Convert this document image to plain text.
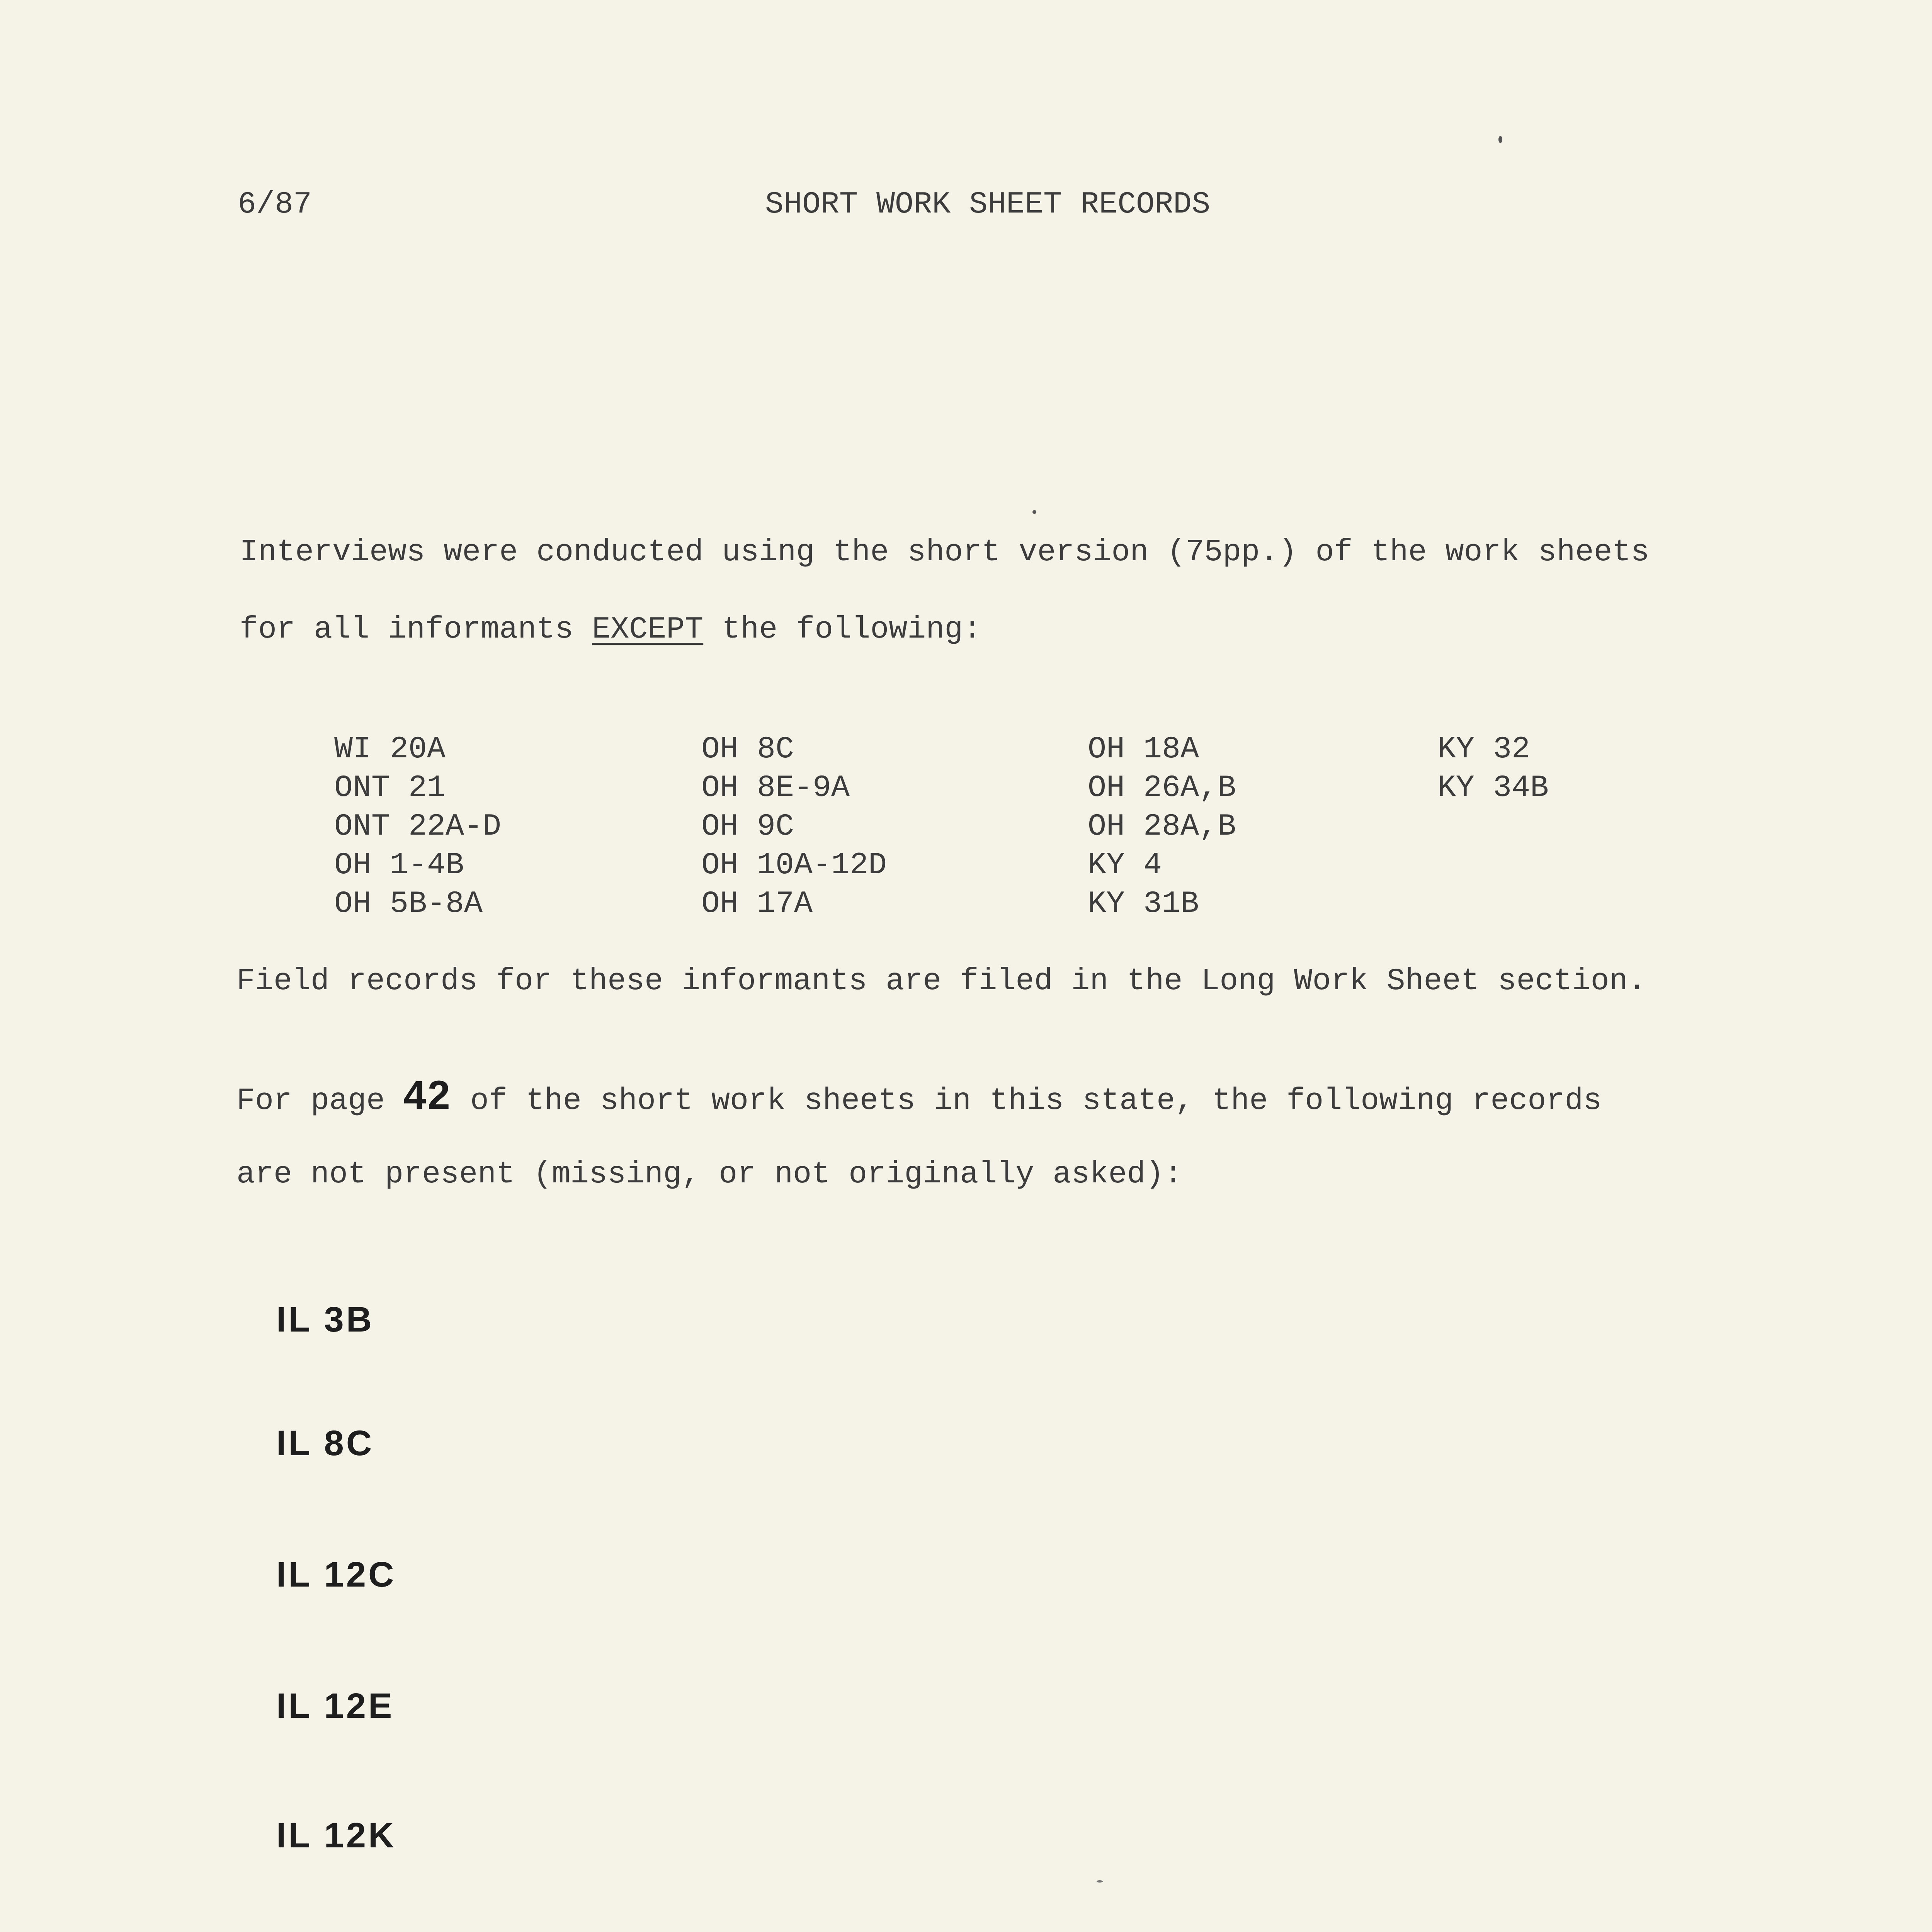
6/87	SHORT WORK SHEET RECORDS
Interviews were conducted using the short version (75pp.) of the work sheets
for all informants EXCEPT the following:
WI 20A
ONT 21
ONT 22A-D
OH 1-4B
OH 5B-8A
OH 8C
OH 8E-9A
OH 9C
OH 10A-12D
OH 17A
OH 18A
OH 26A,B
OH 28A,B
KY 4
KY 31B
KY 32
KY 34B
Field records for these informants are filed in the Long Work Sheet section.
For page 42 of the short work sheets in this state, the following records
are not present (missing, or not originally asked):
IL 3B
IL 8C
IL 12C
IL 12E
IL 12K
